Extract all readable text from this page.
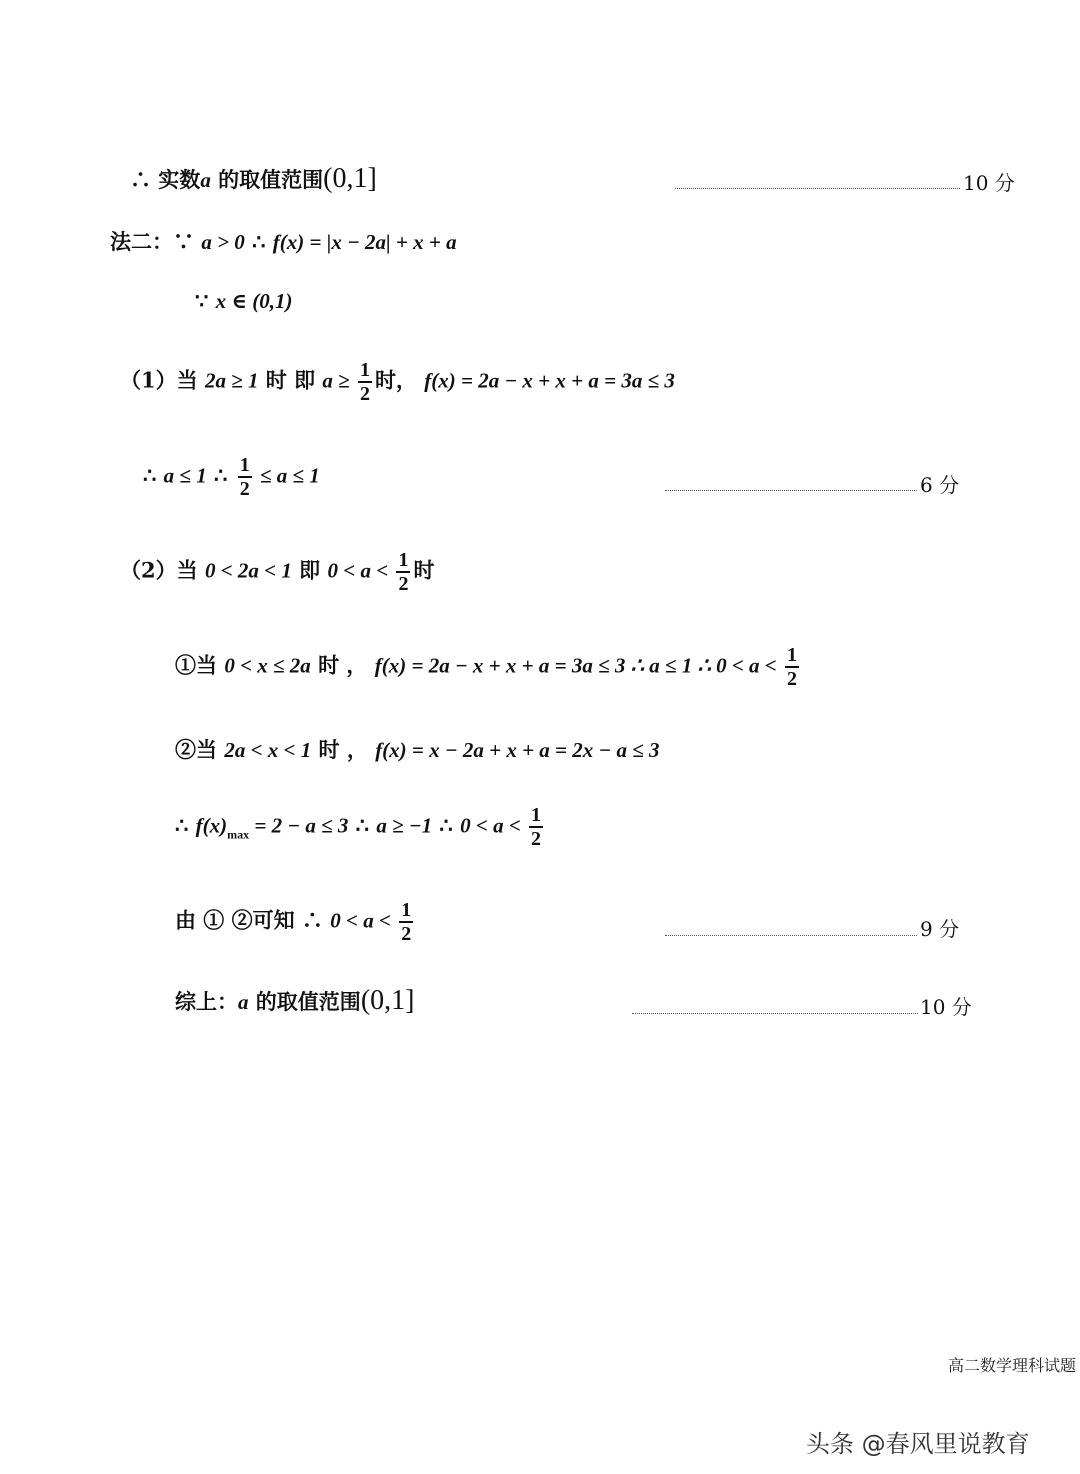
∴ 实数a 的取值范围(0,1]	10 分
法二：∵ a > 0 ∴ f(x) = |x − 2a| + x + a
∵ x ∈ (0,1)
（1）当 2a ≥ 1 时 即 $a \ge \frac{1}{2}$ 时， f(x) = 2a − x + x + a = 3a ≤ 3
∴ a ≤ 1 ∴ $\frac{1}{2} \le a \le 1$	6 分
（2）当 0 < 2a < 1 即 $0 < a < \frac{1}{2}$ 时
①当 0 < x ≤ 2a 时 ， f(x) = 2a − x + x + a = 3a ≤ 3 ∴ a ≤ 1 ∴ $0 < a < \frac{1}{2}$
②当 2a < x < 1 时 ， f(x) = x − 2a + x + a = 2x − a ≤ 3
∴ $f(x)_{max} = 2 - a \le 3$ ∴ a ≥ −1 ∴ $0 < a < \frac{1}{2}$
由 ① ②可知 ∴ $0 < a < \frac{1}{2}$	9 分
综上：a 的取值范围(0,1]	10 分
高二数学理科试题
头条 @春风里说教育
